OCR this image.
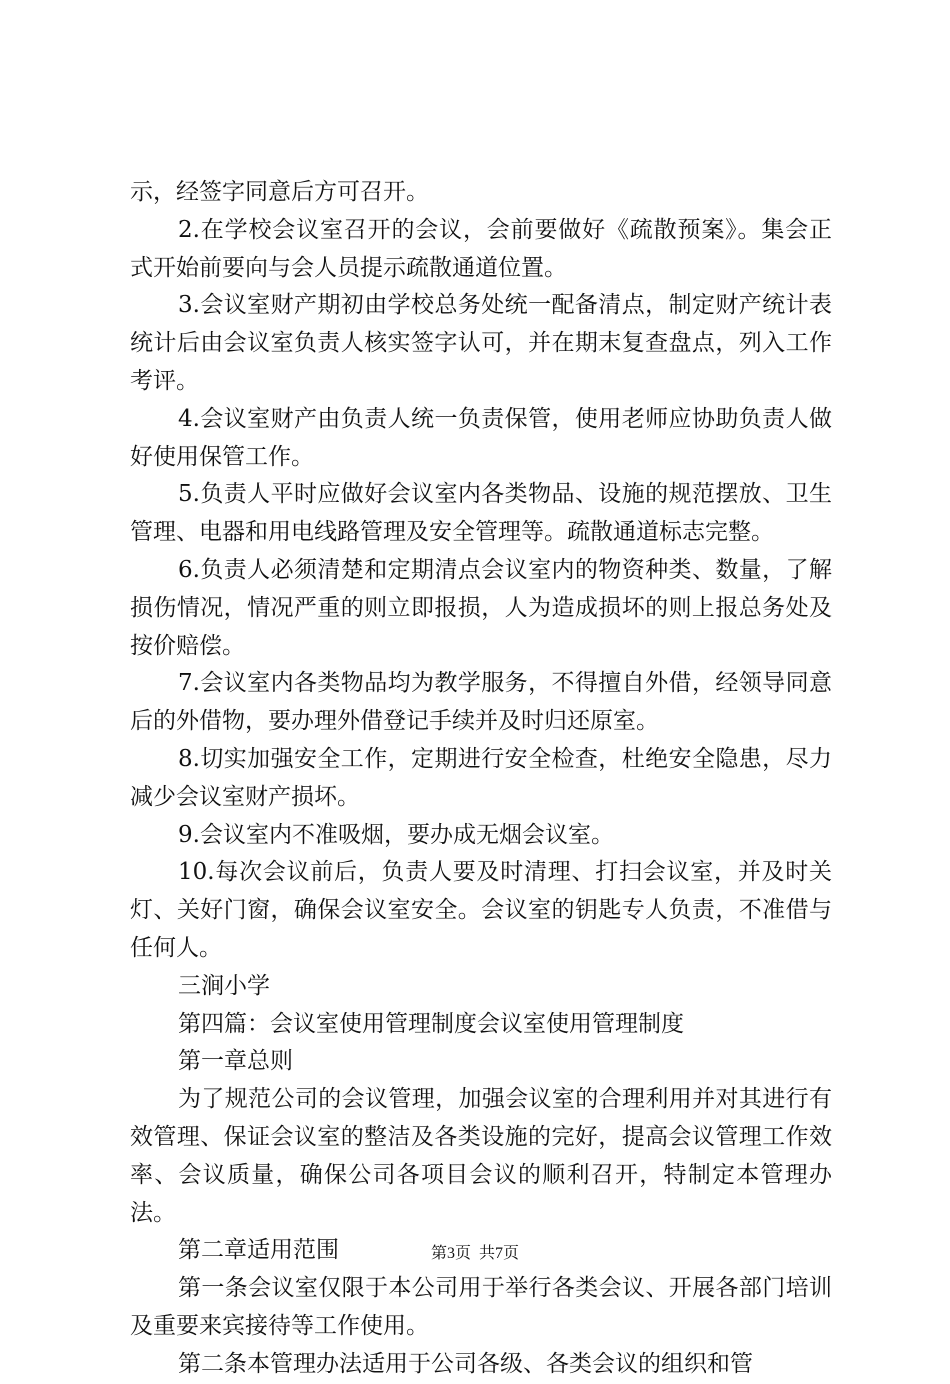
示，经签字同意后方可召开。

2.在学校会议室召开的会议，会前要做好《疏散预案》。集会正式开始前要向与会人员提示疏散通道位置。

3.会议室财产期初由学校总务处统一配备清点，制定财产统计表统计后由会议室负责人核实签字认可，并在期末复查盘点，列入工作考评。

4.会议室财产由负责人统一负责保管，使用老师应协助负责人做好使用保管工作。

5.负责人平时应做好会议室内各类物品、设施的规范摆放、卫生管理、电器和用电线路管理及安全管理等。疏散通道标志完整。

6.负责人必须清楚和定期清点会议室内的物资种类、数量，了解损伤情况，情况严重的则立即报损，人为造成损坏的则上报总务处及按价赔偿。

7.会议室内各类物品均为教学服务，不得擅自外借，经领导同意后的外借物，要办理外借登记手续并及时归还原室。

8.切实加强安全工作，定期进行安全检查，杜绝安全隐患，尽力减少会议室财产损坏。

9.会议室内不准吸烟，要办成无烟会议室。

10.每次会议前后，负责人要及时清理、打扫会议室，并及时关灯、关好门窗，确保会议室安全。会议室的钥匙专人负责，不准借与任何人。

三涧小学

第四篇：会议室使用管理制度会议室使用管理制度

第一章总则

为了规范公司的会议管理，加强会议室的合理利用并对其进行有效管理、保证会议室的整洁及各类设施的完好，提高会议管理工作效率、会议质量，确保公司各项目会议的顺利召开，特制定本管理办法。

第二章适用范围

第一条会议室仅限于本公司用于举行各类会议、开展各部门培训及重要来宾接待等工作使用。

第二条本管理办法适用于公司各级、各类会议的组织和管

第3页 共7页
